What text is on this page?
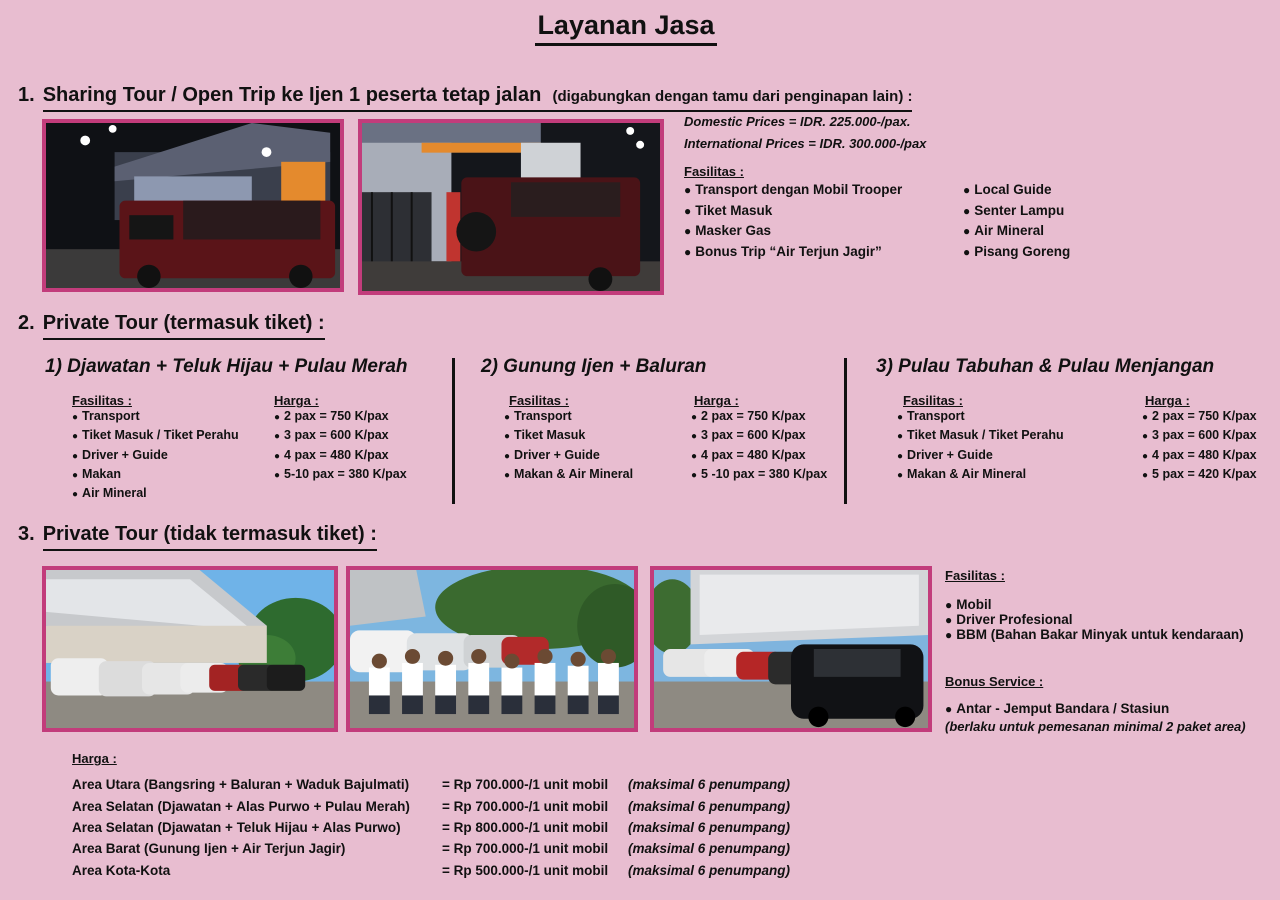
Layanan Jasa
1. Sharing Tour / Open Trip ke Ijen 1 peserta tetap jalan (digabungkan dengan tamu dari penginapan lain) :
Domestic Prices = IDR. 225.000-/pax.
International Prices = IDR. 300.000-/pax
Fasilitas :
● Transport dengan Mobil Trooper
● Tiket Masuk
● Masker Gas
● Bonus Trip “Air Terjun Jagir”
● Local Guide
● Senter Lampu
● Air Mineral
● Pisang Goreng
2. Private Tour (termasuk tiket) :
1) Djawatan + Teluk Hijau + Pulau Merah
Fasilitas :
● Transport
● Tiket Masuk / Tiket Perahu
● Driver + Guide
● Makan
● Air Mineral
Harga :
● 2 pax = 750 K/pax
● 3 pax = 600 K/pax
● 4 pax = 480 K/pax
● 5-10 pax = 380 K/pax
2) Gunung Ijen + Baluran
Fasilitas :
● Transport
● Tiket Masuk
● Driver + Guide
● Makan & Air Mineral
Harga :
● 2 pax = 750 K/pax
● 3 pax = 600 K/pax
● 4 pax = 480 K/pax
● 5 -10 pax = 380 K/pax
3) Pulau Tabuhan & Pulau Menjangan
Fasilitas :
● Transport
● Tiket Masuk / Tiket Perahu
● Driver + Guide
● Makan & Air Mineral
Harga :
● 2 pax = 750 K/pax
● 3 pax = 600 K/pax
● 4 pax = 480 K/pax
● 5 pax = 420 K/pax
3. Private Tour (tidak termasuk tiket) :
Fasilitas :
● Mobil
● Driver Profesional
● BBM (Bahan Bakar Minyak untuk kendaraan)
Bonus Service :
● Antar - Jemput Bandara / Stasiun
(berlaku untuk pemesanan minimal 2 paket area)
Harga :
Area Utara (Bangsring + Baluran + Waduk Bajulmati) = Rp 700.000-/1 unit mobil (maksimal 6 penumpang)
Area Selatan (Djawatan + Alas Purwo + Pulau Merah) = Rp 700.000-/1 unit mobil (maksimal 6 penumpang)
Area Selatan (Djawatan + Teluk Hijau + Alas Purwo)	= Rp 800.000-/1 unit mobil (maksimal 6 penumpang)
Area Barat (Gunung Ijen + Air Terjun Jagir)	= Rp 700.000-/1 unit mobil (maksimal 6 penumpang)
Area Kota-Kota	= Rp 500.000-/1 unit mobil (maksimal 6 penumpang)
